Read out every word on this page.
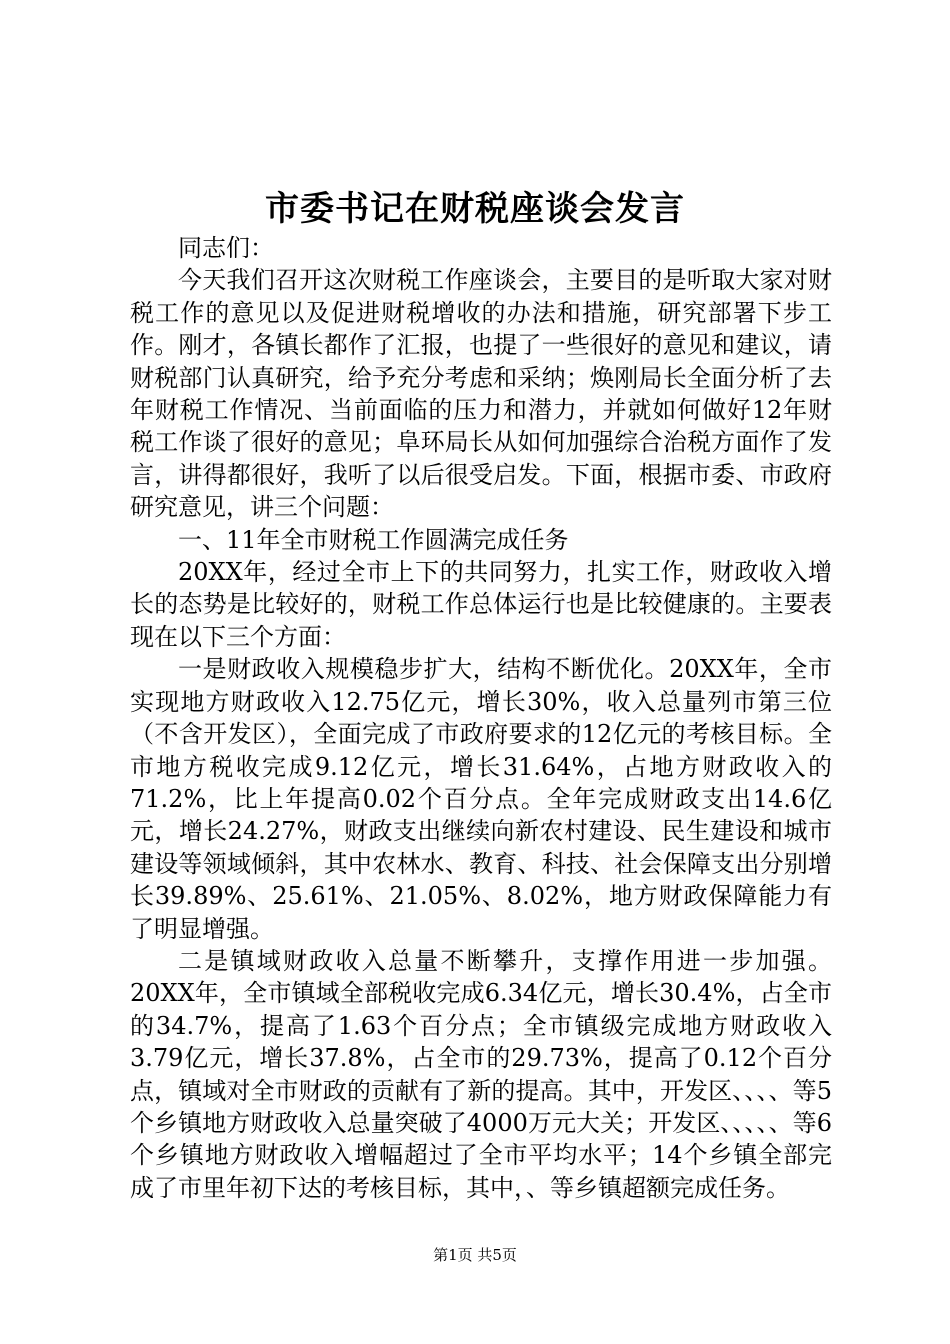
市委书记在财税座谈会发言

同志们：

今天我们召开这次财税工作座谈会，主要目的是听取大家对财税工作的意见以及促进财税增收的办法和措施，研究部署下步工作。刚才，各镇长都作了汇报，也提了一些很好的意见和建议，请财税部门认真研究，给予充分考虑和采纳；焕刚局长全面分析了去年财税工作情况、当前面临的压力和潜力，并就如何做好12年财税工作谈了很好的意见；阜环局长从如何加强综合治税方面作了发言，讲得都很好，我听了以后很受启发。下面，根据市委、市政府研究意见，讲三个问题：

一、11年全市财税工作圆满完成任务

20XX年，经过全市上下的共同努力，扎实工作，财政收入增长的态势是比较好的，财税工作总体运行也是比较健康的。主要表现在以下三个方面：

一是财政收入规模稳步扩大，结构不断优化。20XX年，全市实现地方财政收入12.75亿元，增长30%，收入总量列市第三位（不含开发区），全面完成了市政府要求的12亿元的考核目标。全市地方税收完成9.12亿元，增长31.64%，占地方财政收入的71.2%，比上年提高0.02个百分点。全年完成财政支出14.6亿元，增长24.27%，财政支出继续向新农村建设、民生建设和城市建设等领域倾斜，其中农林水、教育、科技、社会保障支出分别增长39.89%、25.61%、21.05%、8.02%，地方财政保障能力有了明显增强。

二是镇域财政收入总量不断攀升，支撑作用进一步加强。20XX年，全市镇域全部税收完成6.34亿元，增长30.4%，占全市的34.7%，提高了1.63个百分点；全市镇级完成地方财政收入3.79亿元，增长37.8%，占全市的29.73%，提高了0.12个百分点，镇域对全市财政的贡献有了新的提高。其中，开发区、、、、等5个乡镇地方财政收入总量突破了4000万元大关；开发区、、、、、等6个乡镇地方财政收入增幅超过了全市平均水平；14个乡镇全部完成了市里年初下达的考核目标，其中，、等乡镇超额完成任务。

第1页 共5页
